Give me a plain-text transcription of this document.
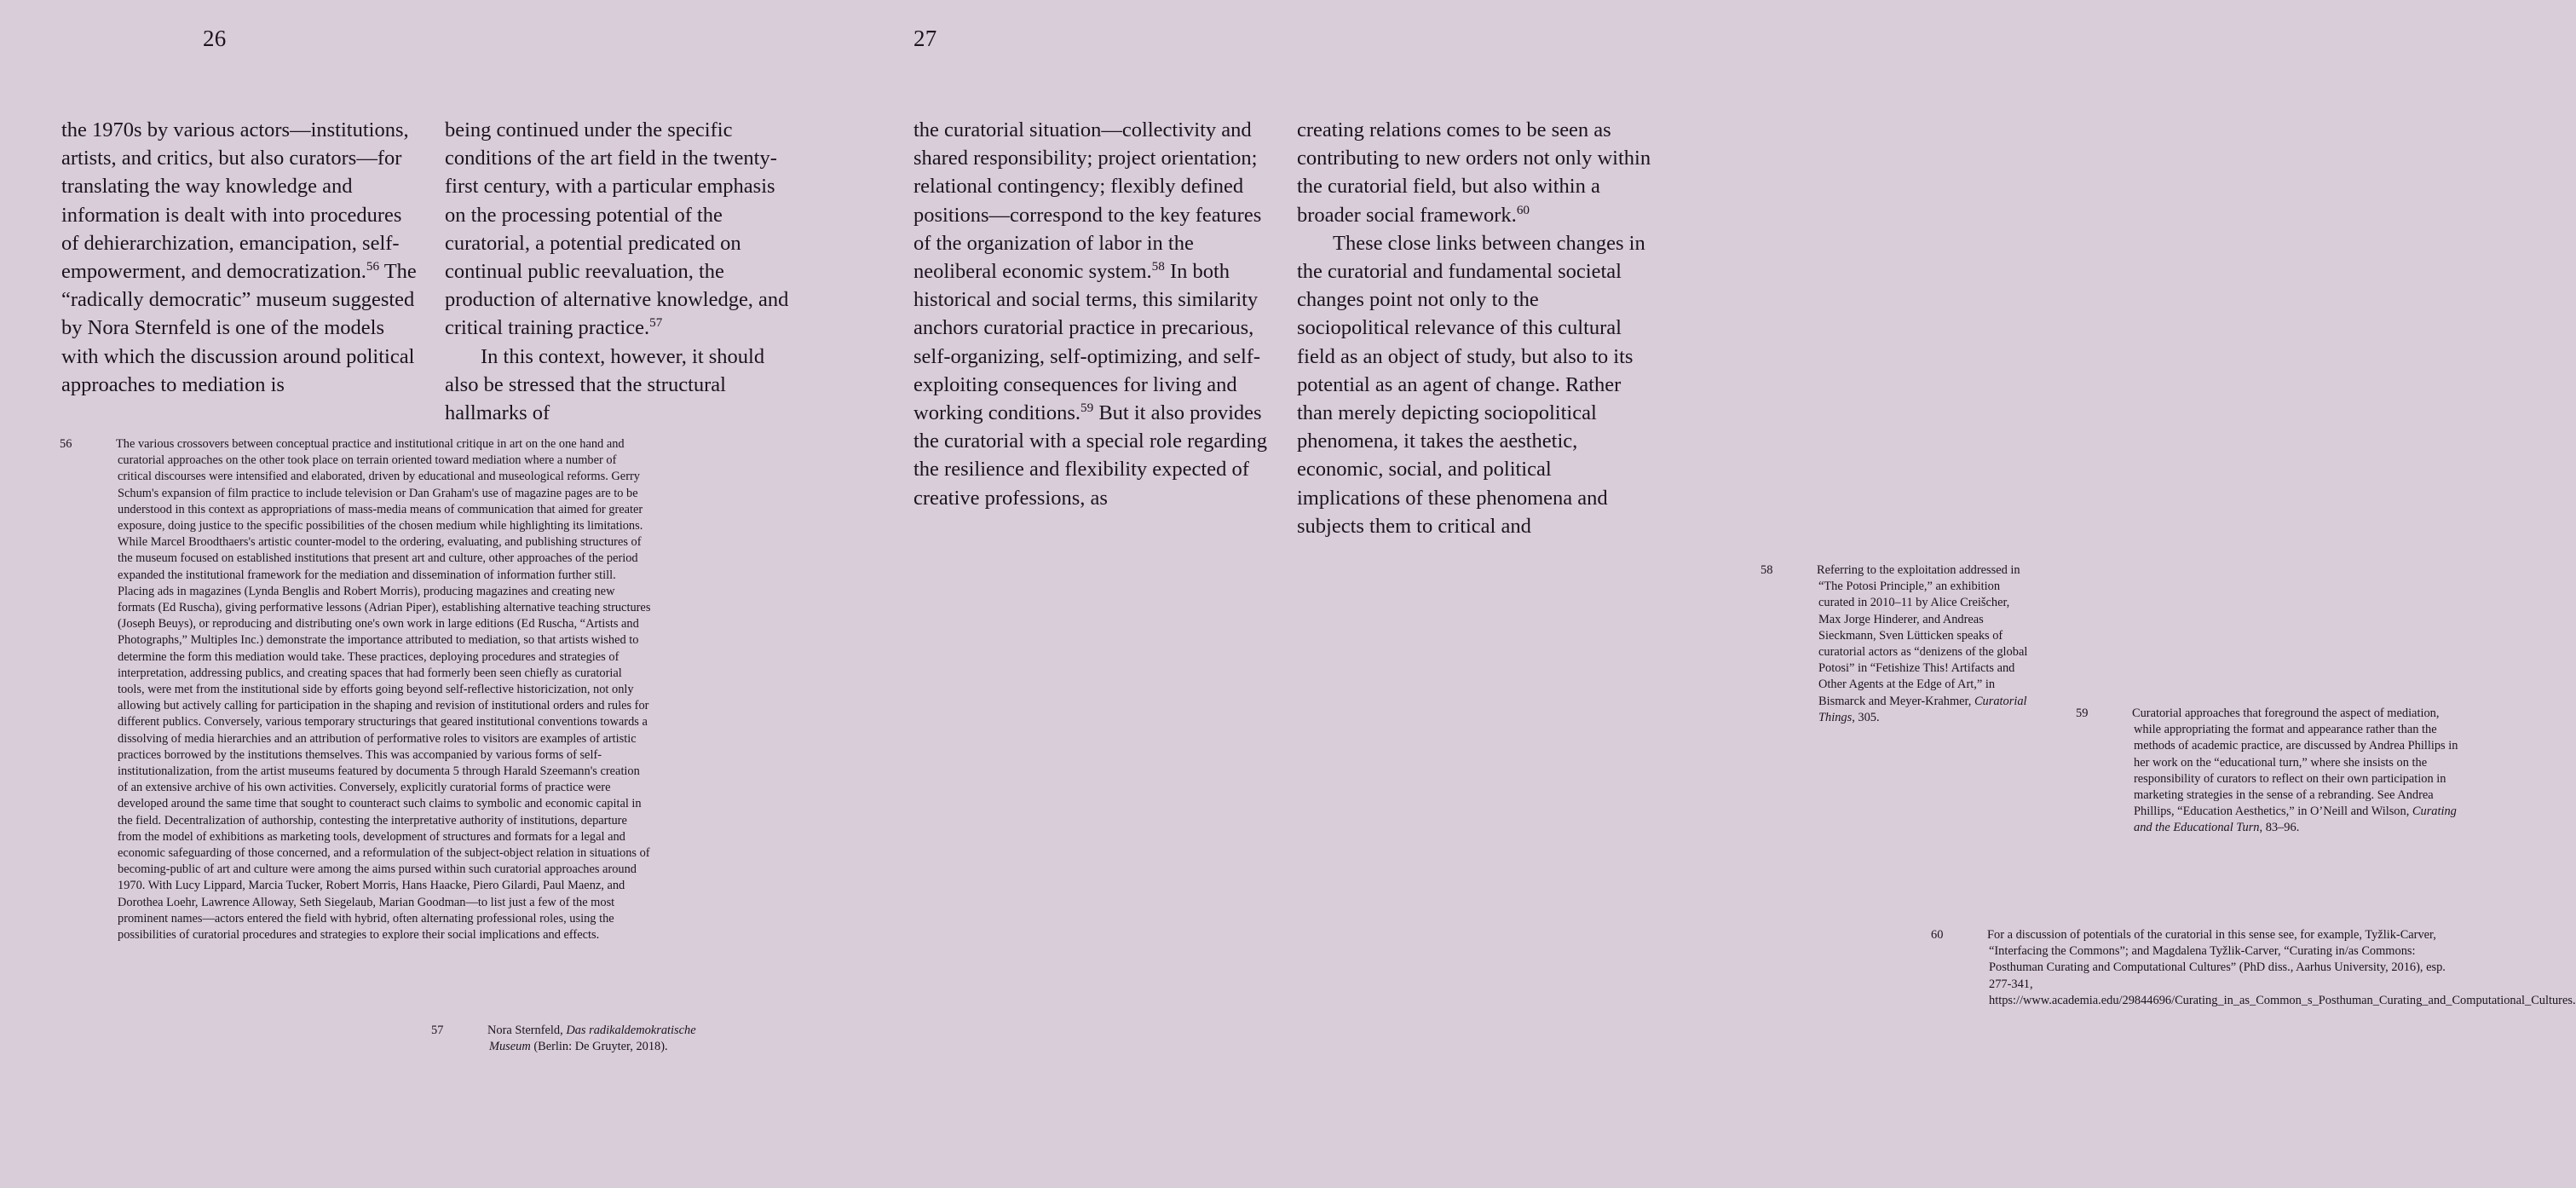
26

the 1970s by various actors—institutions, artists, and critics, but also curators—for translating the way knowledge and information is dealt with into procedures of dehierarchization, emancipation, self-empowerment, and democratization.$^{56}$ The “radically democratic” museum suggested by Nora Sternfeld is one of the models with which the discussion around political approaches to mediation is

being continued under the specific conditions of the art field in the twenty-first century, with a particular emphasis on the processing potential of the curatorial, a potential predicated on continual public reevaluation, the production of alternative knowledge, and critical training practice.$^{57}$

In this context, however, it should also be stressed that the structural hallmarks of

56	The various crossovers between conceptual practice and institutional critique in art on the one hand and curatorial approaches on the other took place on terrain oriented toward mediation where a number of critical discourses were intensified and elaborated, driven by educational and museological reforms. Gerry Schum's expansion of film practice to include television or Dan Graham's use of magazine pages are to be understood in this context as appropriations of mass-media means of communication that aimed for greater exposure, doing justice to the specific possibilities of the chosen medium while highlighting its limitations. While Marcel Broodthaers's artistic counter-model to the ordering, evaluating, and publishing structures of the museum focused on established institutions that present art and culture, other approaches of the period expanded the institutional framework for the mediation and dissemination of information further still. Placing ads in magazines (Lynda Benglis and Robert Morris), producing magazines and creating new formats (Ed Ruscha), giving performative lessons (Adrian Piper), establishing alternative teaching structures (Joseph Beuys), or reproducing and distributing one's own work in large editions (Ed Ruscha, “Artists and Photographs,” Multiples Inc.) demonstrate the importance attributed to mediation, so that artists wished to determine the form this mediation would take. These practices, deploying procedures and strategies of interpretation, addressing publics, and creating spaces that had formerly been seen chiefly as curatorial tools, were met from the institutional side by efforts going beyond self-reflective historicization, not only allowing but actively calling for participation in the shaping and revision of institutional orders and rules for different publics. Conversely, various temporary structurings that geared institutional conventions towards a dissolving of media hierarchies and an attribution of performative roles to visitors are examples of artistic practices borrowed by the institutions themselves. This was accompanied by various forms of self-institutionalization, from the artist museums featured by documenta 5 through Harald Szeemann's creation of an extensive archive of his own activities. Conversely, explicitly curatorial forms of practice were developed around the same time that sought to counteract such claims to symbolic and economic capital in the field. Decentralization of authorship, contesting the interpretative authority of institutions, departure from the model of exhibitions as marketing tools, development of structures and formats for a legal and economic safeguarding of those concerned, and a reformulation of the subject-object relation in situations of becoming-public of art and culture were among the aims pursed within such curatorial approaches around 1970. With Lucy Lippard, Marcia Tucker, Robert Morris, Hans Haacke, Piero Gilardi, Paul Maenz, and Dorothea Loehr, Lawrence Alloway, Seth Siegelaub, Marian Goodman—to list just a few of the most prominent names—actors entered the field with hybrid, often alternating professional roles, using the possibilities of curatorial procedures and strategies to explore their social implications and effects.

57	Nora Sternfeld, Das radikaldemokratische Museum (Berlin: De Gruyter, 2018).

27

the curatorial situation—collectivity and shared responsibility; project orientation; relational contingency; flexibly defined positions—correspond to the key features of the organization of labor in the neoliberal economic system.$^{58}$ In both historical and social terms, this similarity anchors curatorial practice in precarious, self-organizing, self-optimizing, and self-exploiting consequences for living and working conditions.$^{59}$ But it also provides the curatorial with a special role regarding the resilience and flexibility expected of creative professions, as

creating relations comes to be seen as contributing to new orders not only within the curatorial field, but also within a broader social framework.$^{60}$

These close links between changes in the curatorial and fundamental societal changes point not only to the sociopolitical relevance of this cultural field as an object of study, but also to its potential as an agent of change. Rather than merely depicting sociopolitical phenomena, it takes the aesthetic, economic, social, and political implications of these phenomena and subjects them to critical and

58	Referring to the exploitation addressed in “The Potosi Principle,” an exhibition curated in 2010–11 by Alice Creišcher, Max Jorge Hinderer, and Andreas Sieckmann, Sven Lütticken speaks of curatorial actors as “denizens of the global Potosi” in “Fetishize This! Artifacts and Other Agents at the Edge of Art,” in Bismarck and Meyer-Krahmer, Curatorial Things, 305.	59	Curatorial approaches that foreground the aspect of mediation, while appropriating the format and appearance rather than the methods of academic practice, are discussed by Andrea Phillips in her work on the “educational turn,” where she insists on the responsibility of curators to reflect on their own participation in marketing strategies in the sense of a rebranding. See Andrea Phillips, “Education Aesthetics,” in O’Neill and Wilson, Curating and the Educational Turn, 83–96.

60	For a discussion of potentials of the curatorial in this sense see, for example, Tyžlik-Carver, “Interfacing the Commons”; and Magdalena Tyžlik-Carver, “Curating in/as Commons: Posthuman Curating and Computational Cultures” (PhD diss., Aarhus University, 2016), esp. 277-341, https://www.academia.edu/29844696/Curating_in_as_Common_s_Posthuman_Curating_and_Computational_Cultures.
